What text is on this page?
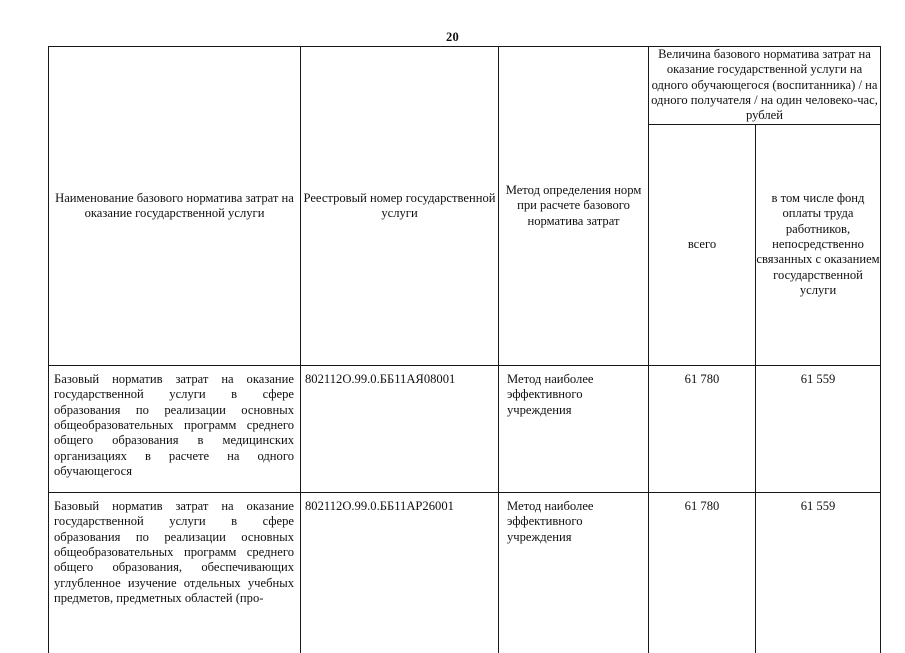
20
Наименование базового норматива затрат на оказание государственной услуги	Реестровый номер государственной услуги	Метод определения норм при расчете базового норматива затрат	Величина базового норматива затрат на оказание государственной услуги на одного обучающегося (воспитанника) / на одного получателя / на один человеко-час, рублей	
			всего	в том числе фонд оплаты труда работников, непосредственно связанных с оказанием государственной услуги
Базовый норматив затрат на оказание государственной услуги в сфере образования по реализации основных общеобразовательных программ среднего общего образования в медицинских организациях в расчете на одного обучающегося	802112О.99.0.ББ11АЯ08001	Метод наиболее эффективного учреждения	61 780	61 559
Базовый норматив затрат на оказание государственной услуги в сфере образования по реализации основных общеобразовательных программ среднего общего образования, обеспечивающих углубленное изучение отдельных учебных предметов, предметных областей (про-	802112О.99.0.ББ11АР26001	Метод наиболее эффективного учреждения	61 780	61 559
